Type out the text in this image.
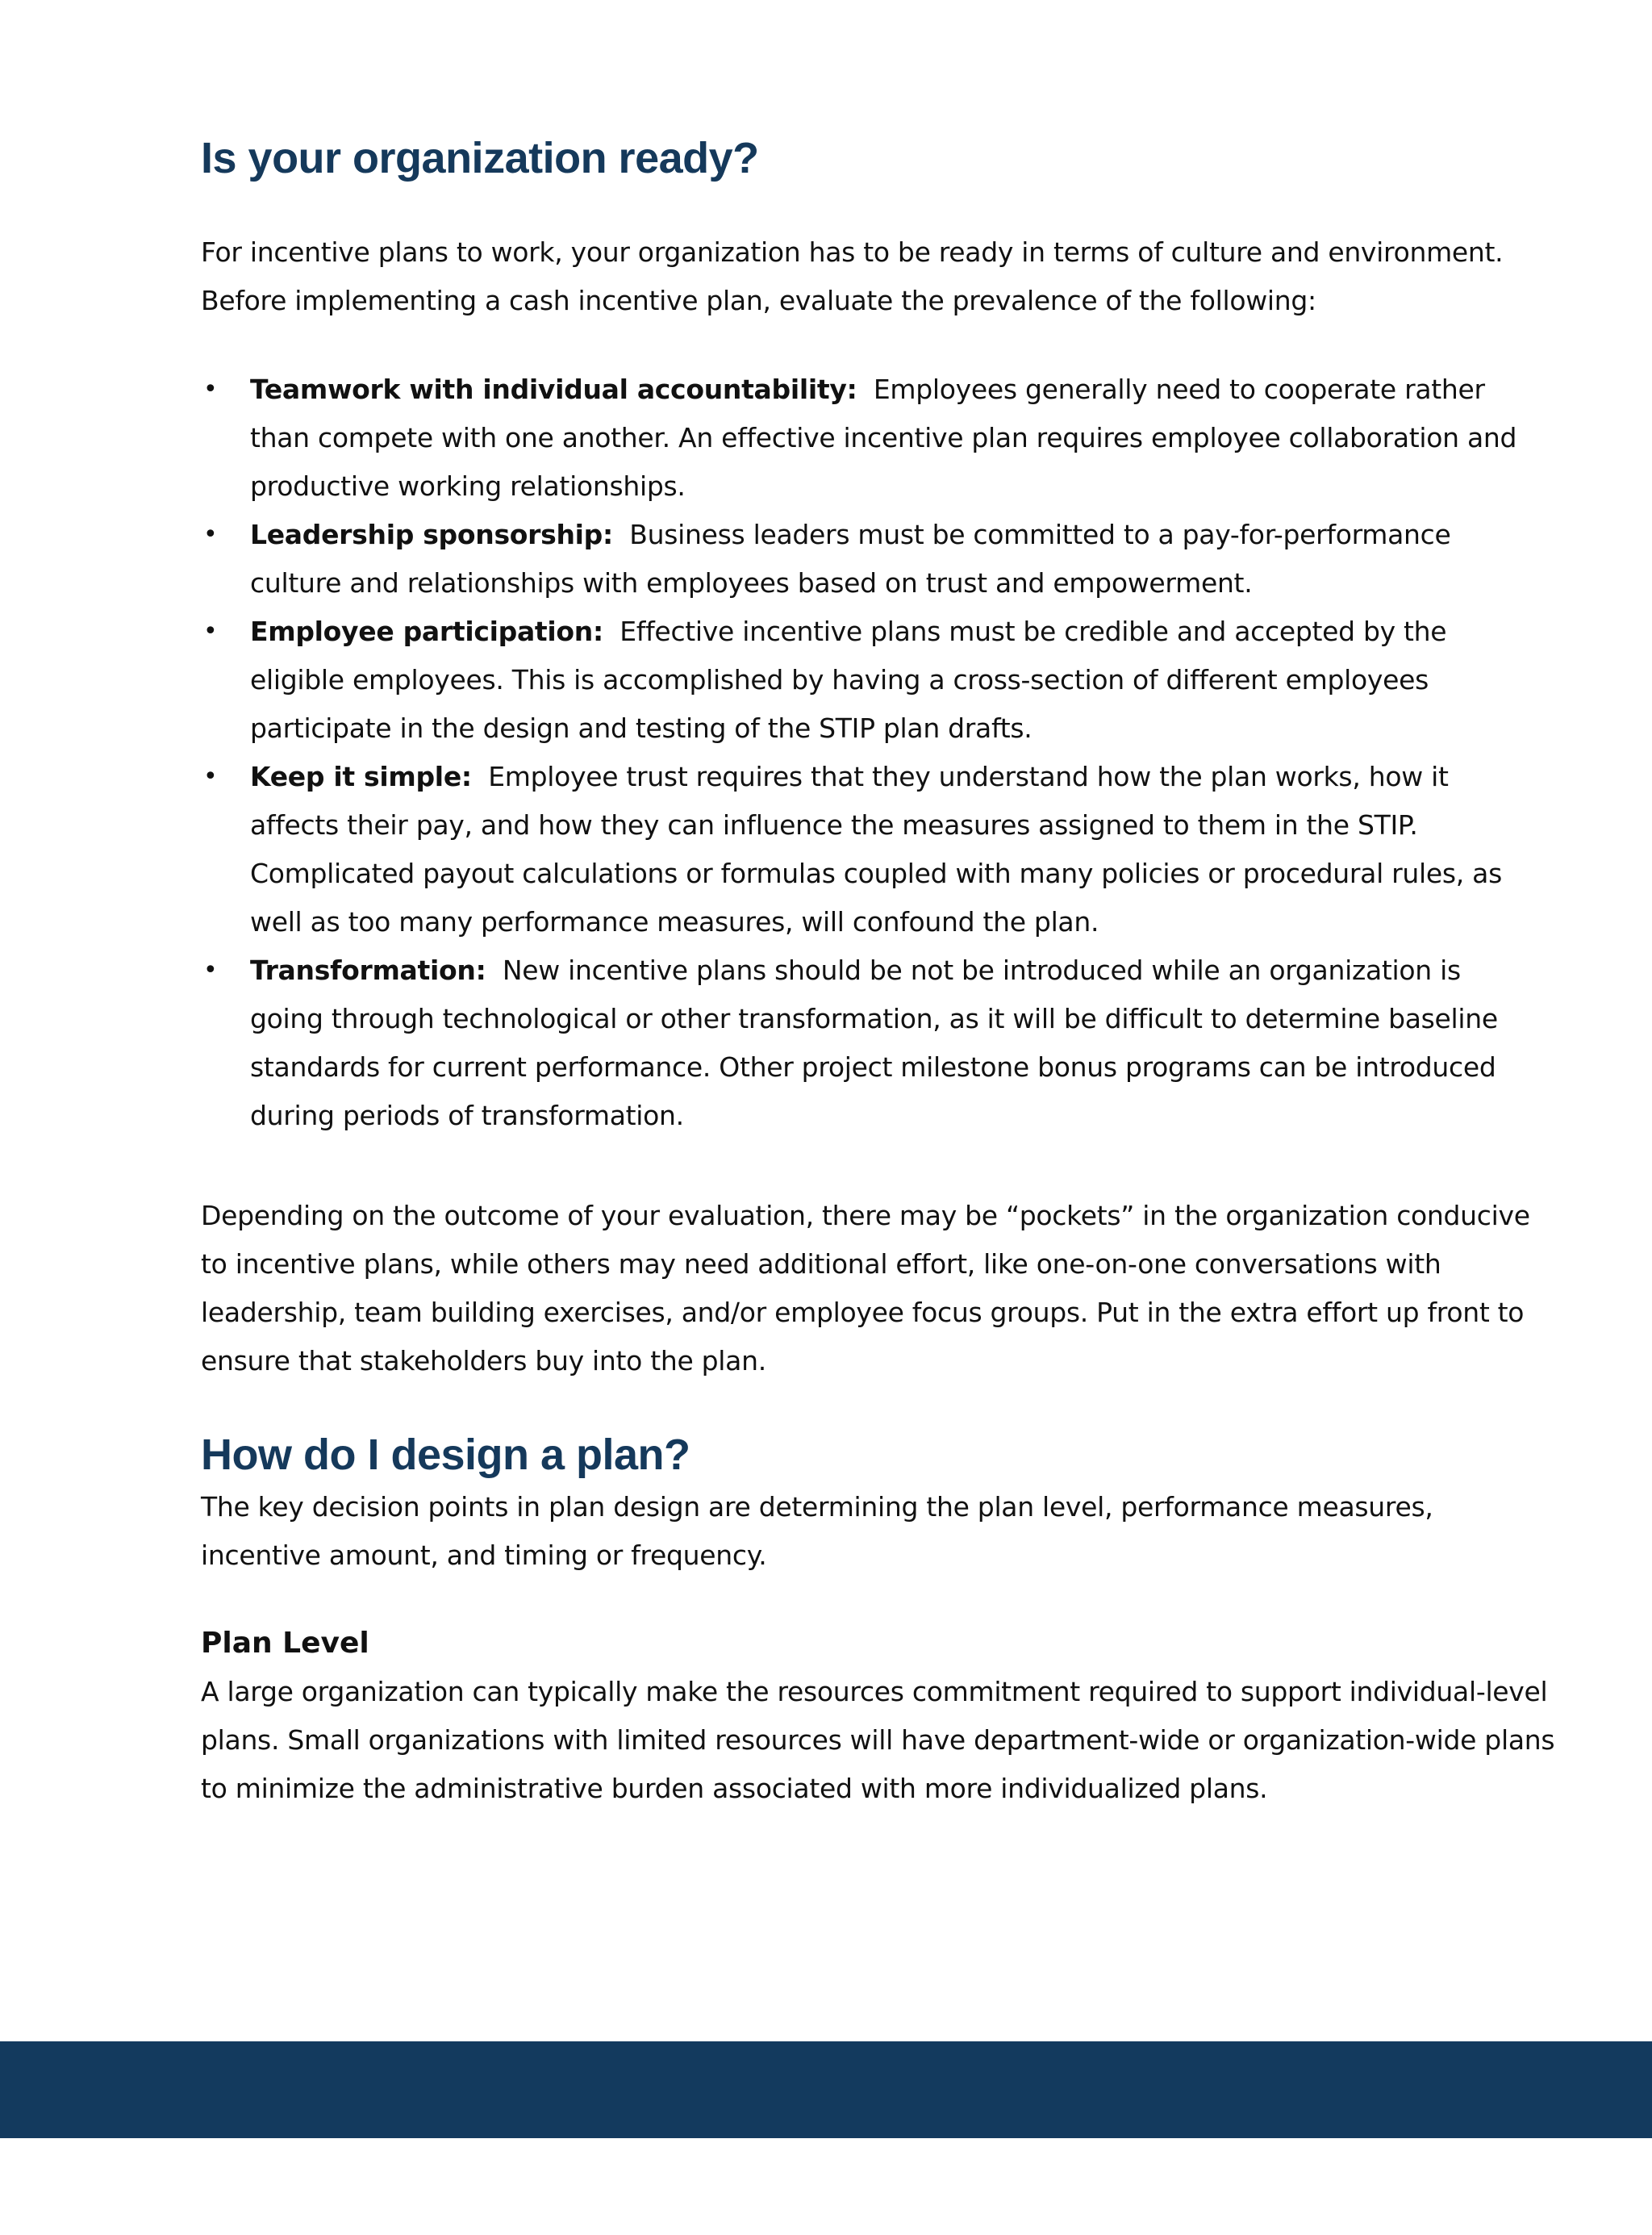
Is your organization ready?

For incentive plans to work, your organization has to be ready in terms of culture and environment. Before implementing a cash incentive plan, evaluate the prevalence of the following:

• Teamwork with individual accountability: Employees generally need to cooperate rather than compete with one another. An effective incentive plan requires employee collaboration and productive working relationships.
• Leadership sponsorship: Business leaders must be committed to a pay-for-performance culture and relationships with employees based on trust and empowerment.
• Employee participation: Effective incentive plans must be credible and accepted by the eligible employees. This is accomplished by having a cross-section of different employees participate in the design and testing of the STIP plan drafts.
• Keep it simple: Employee trust requires that they understand how the plan works, how it affects their pay, and how they can influence the measures assigned to them in the STIP. Complicated payout calculations or formulas coupled with many policies or procedural rules, as well as too many performance measures, will confound the plan.
• Transformation: New incentive plans should be not be introduced while an organization is going through technological or other transformation, as it will be difficult to determine baseline standards for current performance. Other project milestone bonus programs can be introduced during periods of transformation.

Depending on the outcome of your evaluation, there may be “pockets” in the organization conducive to incentive plans, while others may need additional effort, like one-on-one conversations with leadership, team building exercises, and/or employee focus groups. Put in the extra effort up front to ensure that stakeholders buy into the plan.

How do I design a plan?

The key decision points in plan design are determining the plan level, performance measures, incentive amount, and timing or frequency.

Plan Level

A large organization can typically make the resources commitment required to support individual-level plans. Small organizations with limited resources will have department-wide or organization-wide plans to minimize the administrative burden associated with more individualized plans.

3  |  ERI Economic Research Institute  |  Designing Cash Incentive Plans  |  April 2016
